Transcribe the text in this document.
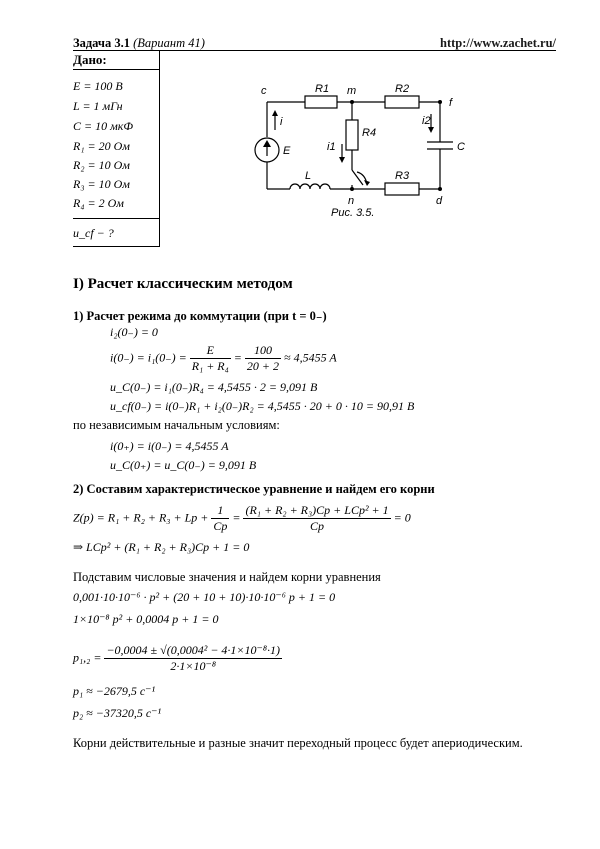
Задача 3.1 (Вариант 41)	http://www.zachet.ru/
Дано:
E = 100 В
L = 1 мГн
C = 10 мкФ
R₁ = 20 Ом
R₂ = 10 Ом
R₃ = 10 Ом
R₄ = 2 Ом
u_cf − ?
c	m
f
n	d
R1	R2
R3
R4
E
L
C
i
i1
i2
Рис. 3.5.
I) Расчет классическим методом
1) Расчет режима до коммутации (при t = 0₋)
i₂(0₋) = 0
$i(0_-) = i_1(0_-) = \frac{E}{\text{R₁ + R₄}} = \frac{100}{20 + 2} \approx 4,5455$ A
u_C(0₋) = i₁(0₋)R₄ = 4,5455 · 2 = 9,091 B
u_cf(0₋) = i(0₋)R₁ + i₂(0₋)R₂ = 4,5455 · 20 + 0 · 10 = 90,91 B
по независимым начальным условиям:
i(0₊) = i(0₋) = 4,5455 A
u_C(0₊) = u_C(0₋) = 9,091 B
2) Составим характеристическое уравнение и найдем его корни
$Z(p) = R_1 + R_2 + R_3 + Lp + \frac{1}{Cp} = \frac{\text{(R₁ + R₂ + R₃)Cp + LCp² + 1}}{Cp} = 0$
⇒ LCp² + (R₁ + R₂ + R₃)Cp + 1 = 0
Подставим числовые значения и найдем корни уравнения
0,001·10·10⁻⁶ · p² + (20 + 10 + 10)·10·10⁻⁶ p + 1 = 0
1×10⁻⁸ p² + 0,0004 p + 1 = 0
$p_1,_2 = \frac{\text{−0,0004 ± √(0,0004² − 4·1×10⁻⁸·1)}}{\text{2·1×10⁻⁸}}$
p₁ ≈ −2679,5 c⁻¹
p₂ ≈ −37320,5 c⁻¹
Корни действительные и разные значит переходный процесс будет апериодическим.
